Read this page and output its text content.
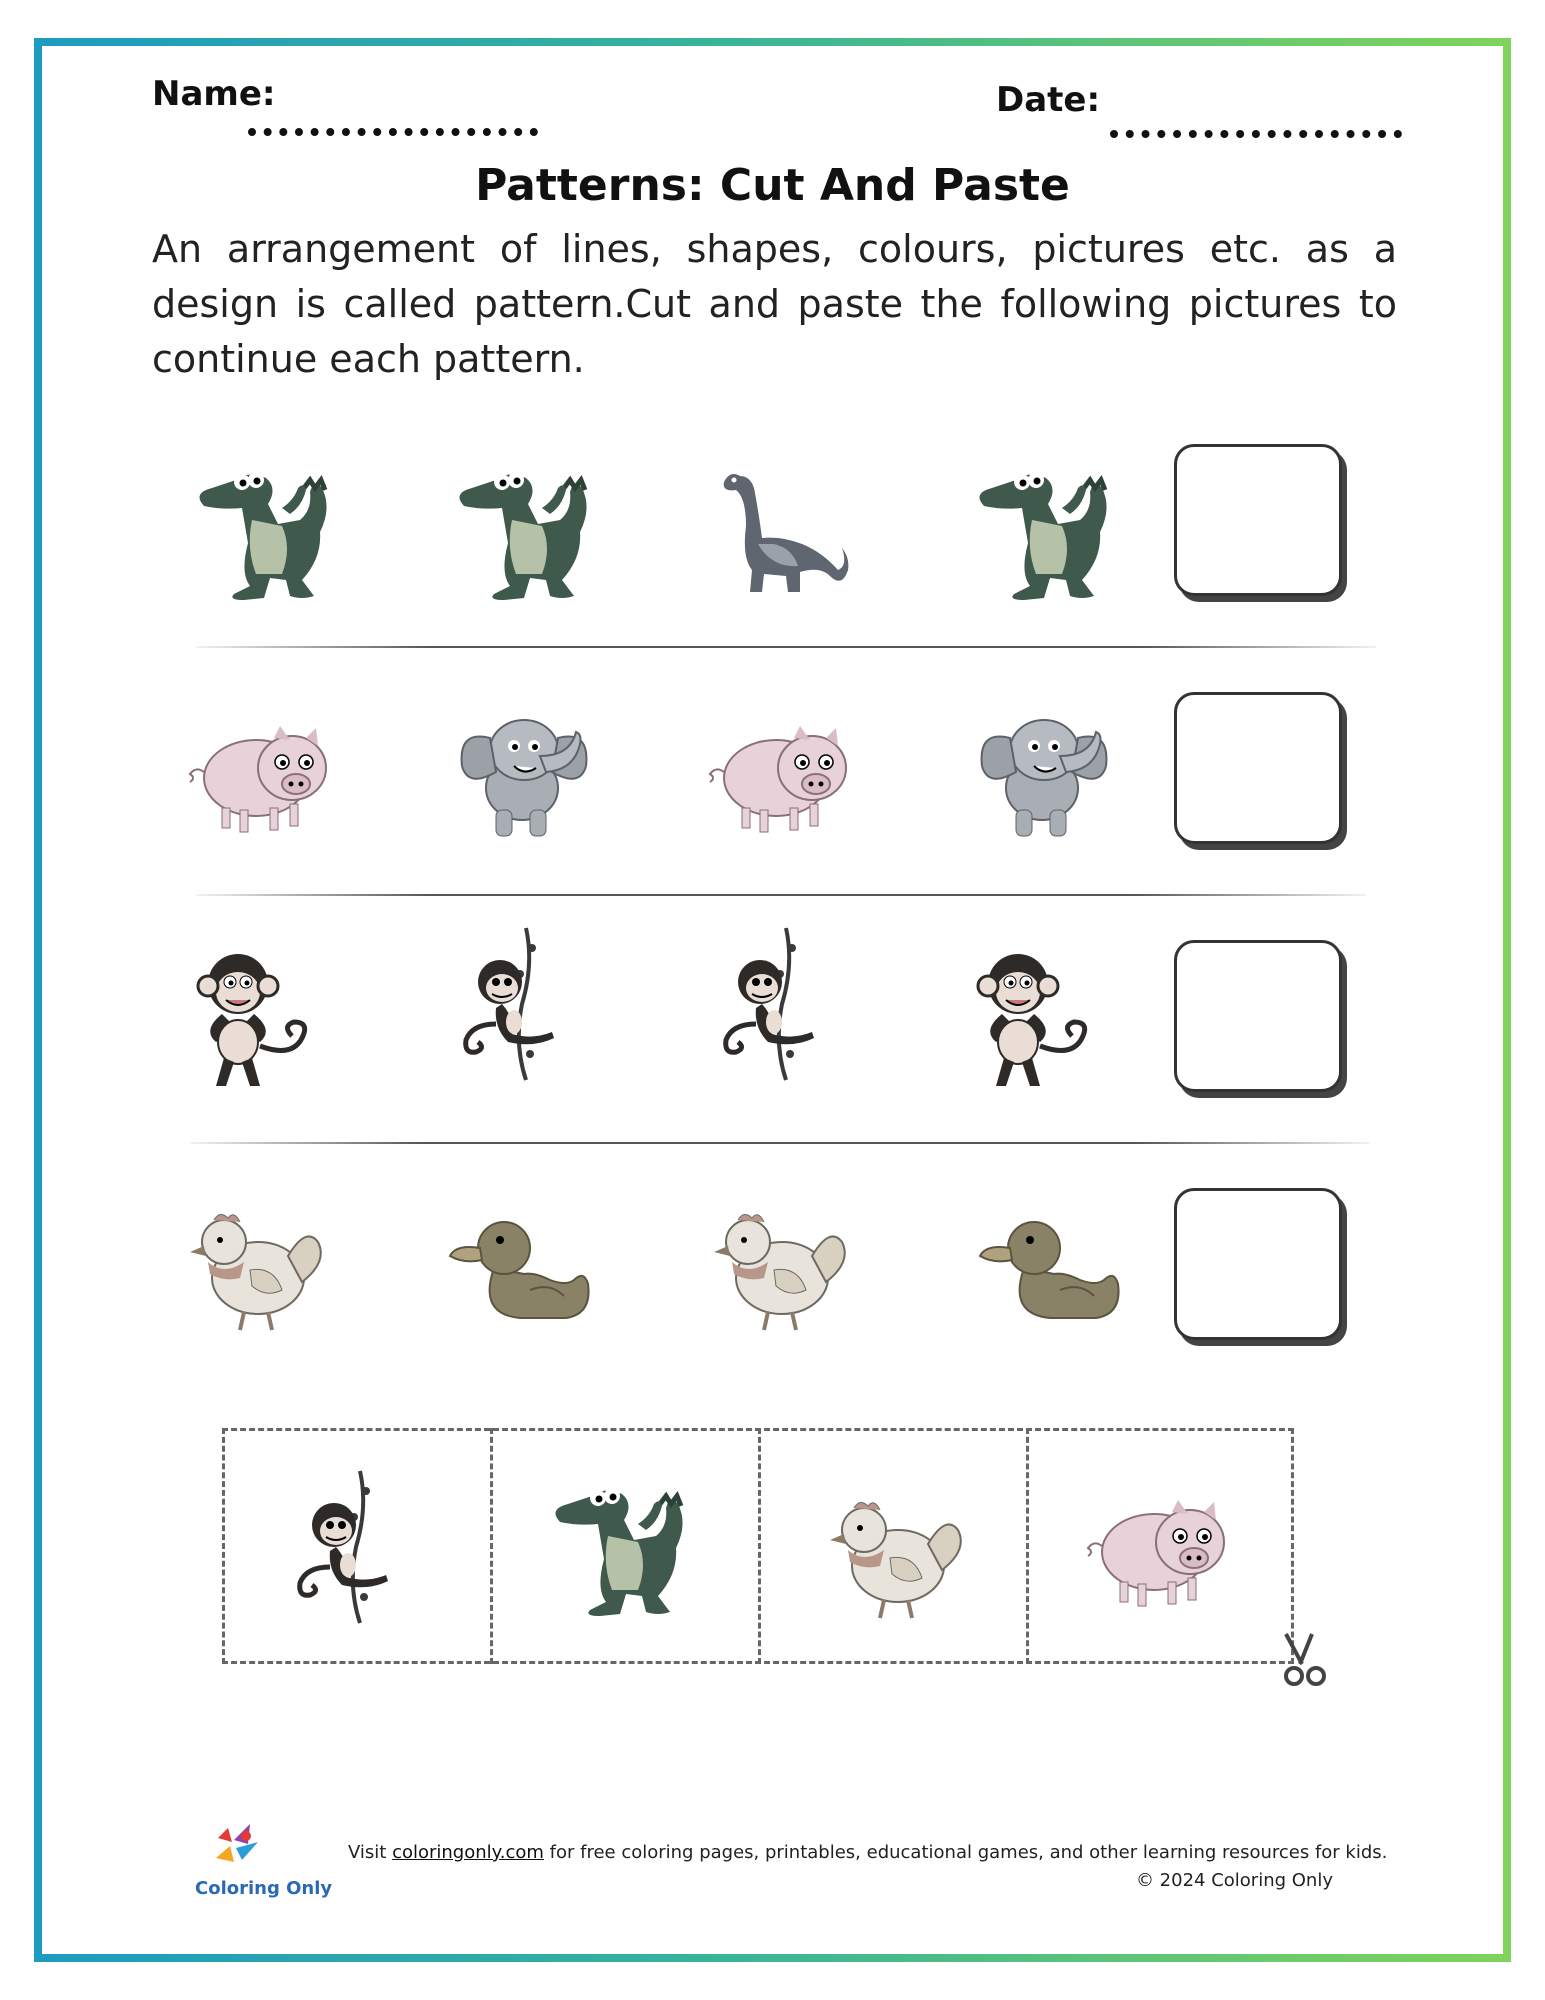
Name:	Date:
Patterns: Cut And Paste
An arrangement of lines, shapes, colours, pictures etc. as a design is called pattern.Cut and paste the following pictures to continue each pattern.
Coloring Only
Visit coloringonly.com for free coloring pages, printables, educational games, and other learning resources for kids.
© 2024 Coloring Only
